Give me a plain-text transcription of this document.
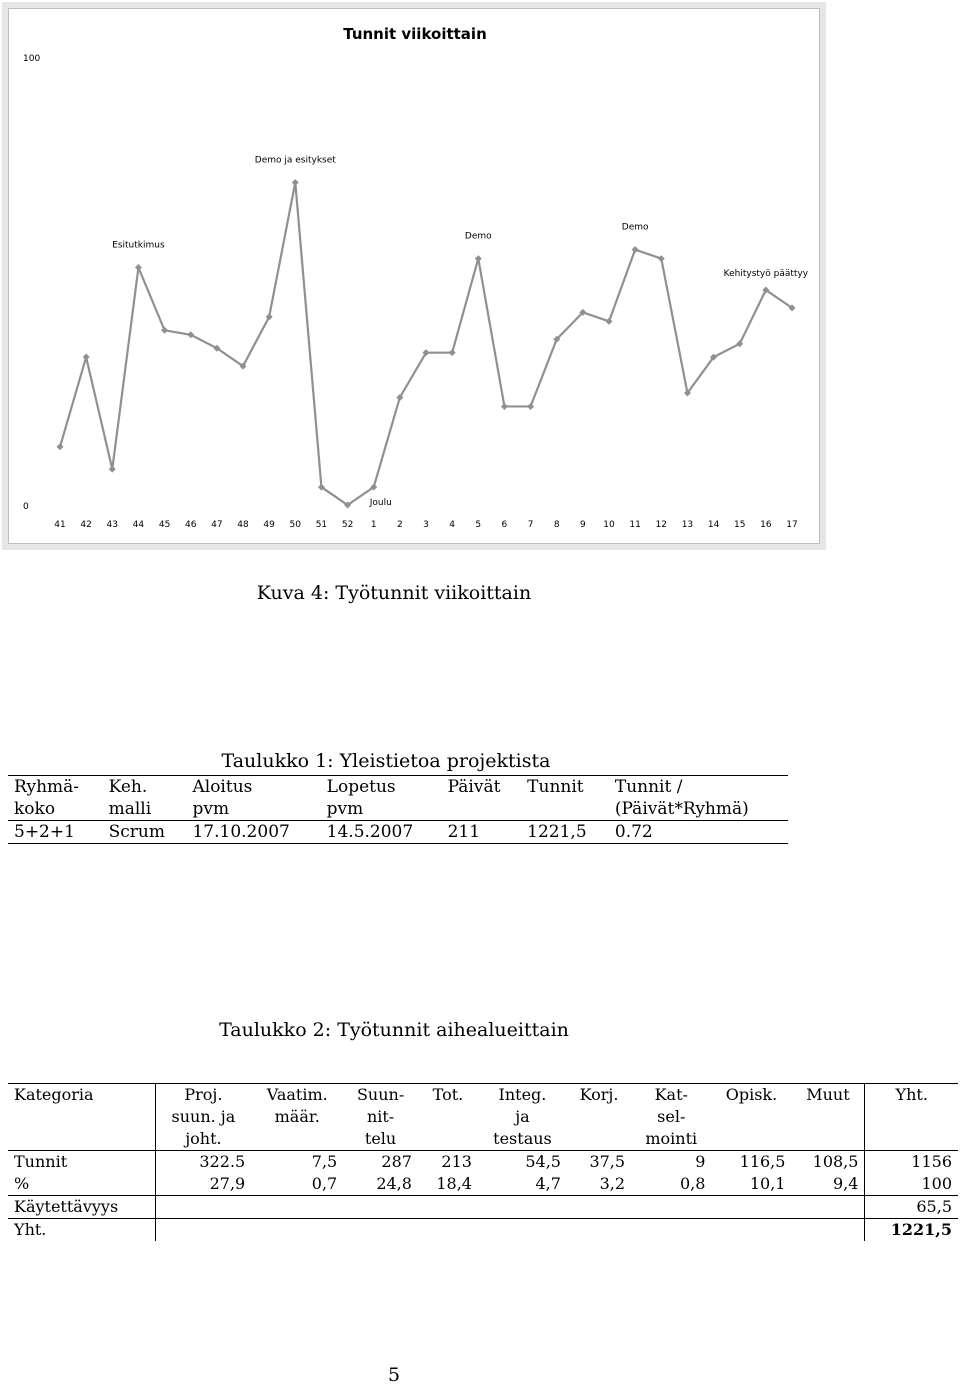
Tunnit viikoittain
100
0
41 42 43 44 45 46 47 48 49 50 51 52 1 2 3 4 5 6 7 8 9 10 11 12 13 14 15 16 17
Esitutkimus
Demo ja esitykset
Joulu
Demo
Demo
Kehitystyö päättyy
Kuva 4: Työtunnit viikoittain
Taulukko 1: Yleistietoa projektista
Ryhmä-	Keh.	Aloitus	Lopetus	Päivät	Tunnit	Tunnit /
koko	malli	pvm	pvm			(Päivät*Ryhmä)
5+2+1	Scrum	17.10.2007	14.5.2007	211	1221,5	0.72
Taulukko 2: Työtunnit aihealueittain
Kategoria	Proj.	Vaatim.	Suun-	Tot.	Integ.	Korj.	Kat-	Opisk.	Muut	Yht.
	suun. ja	määr.	nit-		ja		sel-			
	joht.		telu		testaus		mointi			
Tunnit	322.5	7,5	287	213	54,5	37,5	9	116,5	108,5	1156
%	27,9	0,7	24,8	18,4	4,7	3,2	0,8	10,1	9,4	100
Käytettävyys										65,5
Yht.										1221,5
5
